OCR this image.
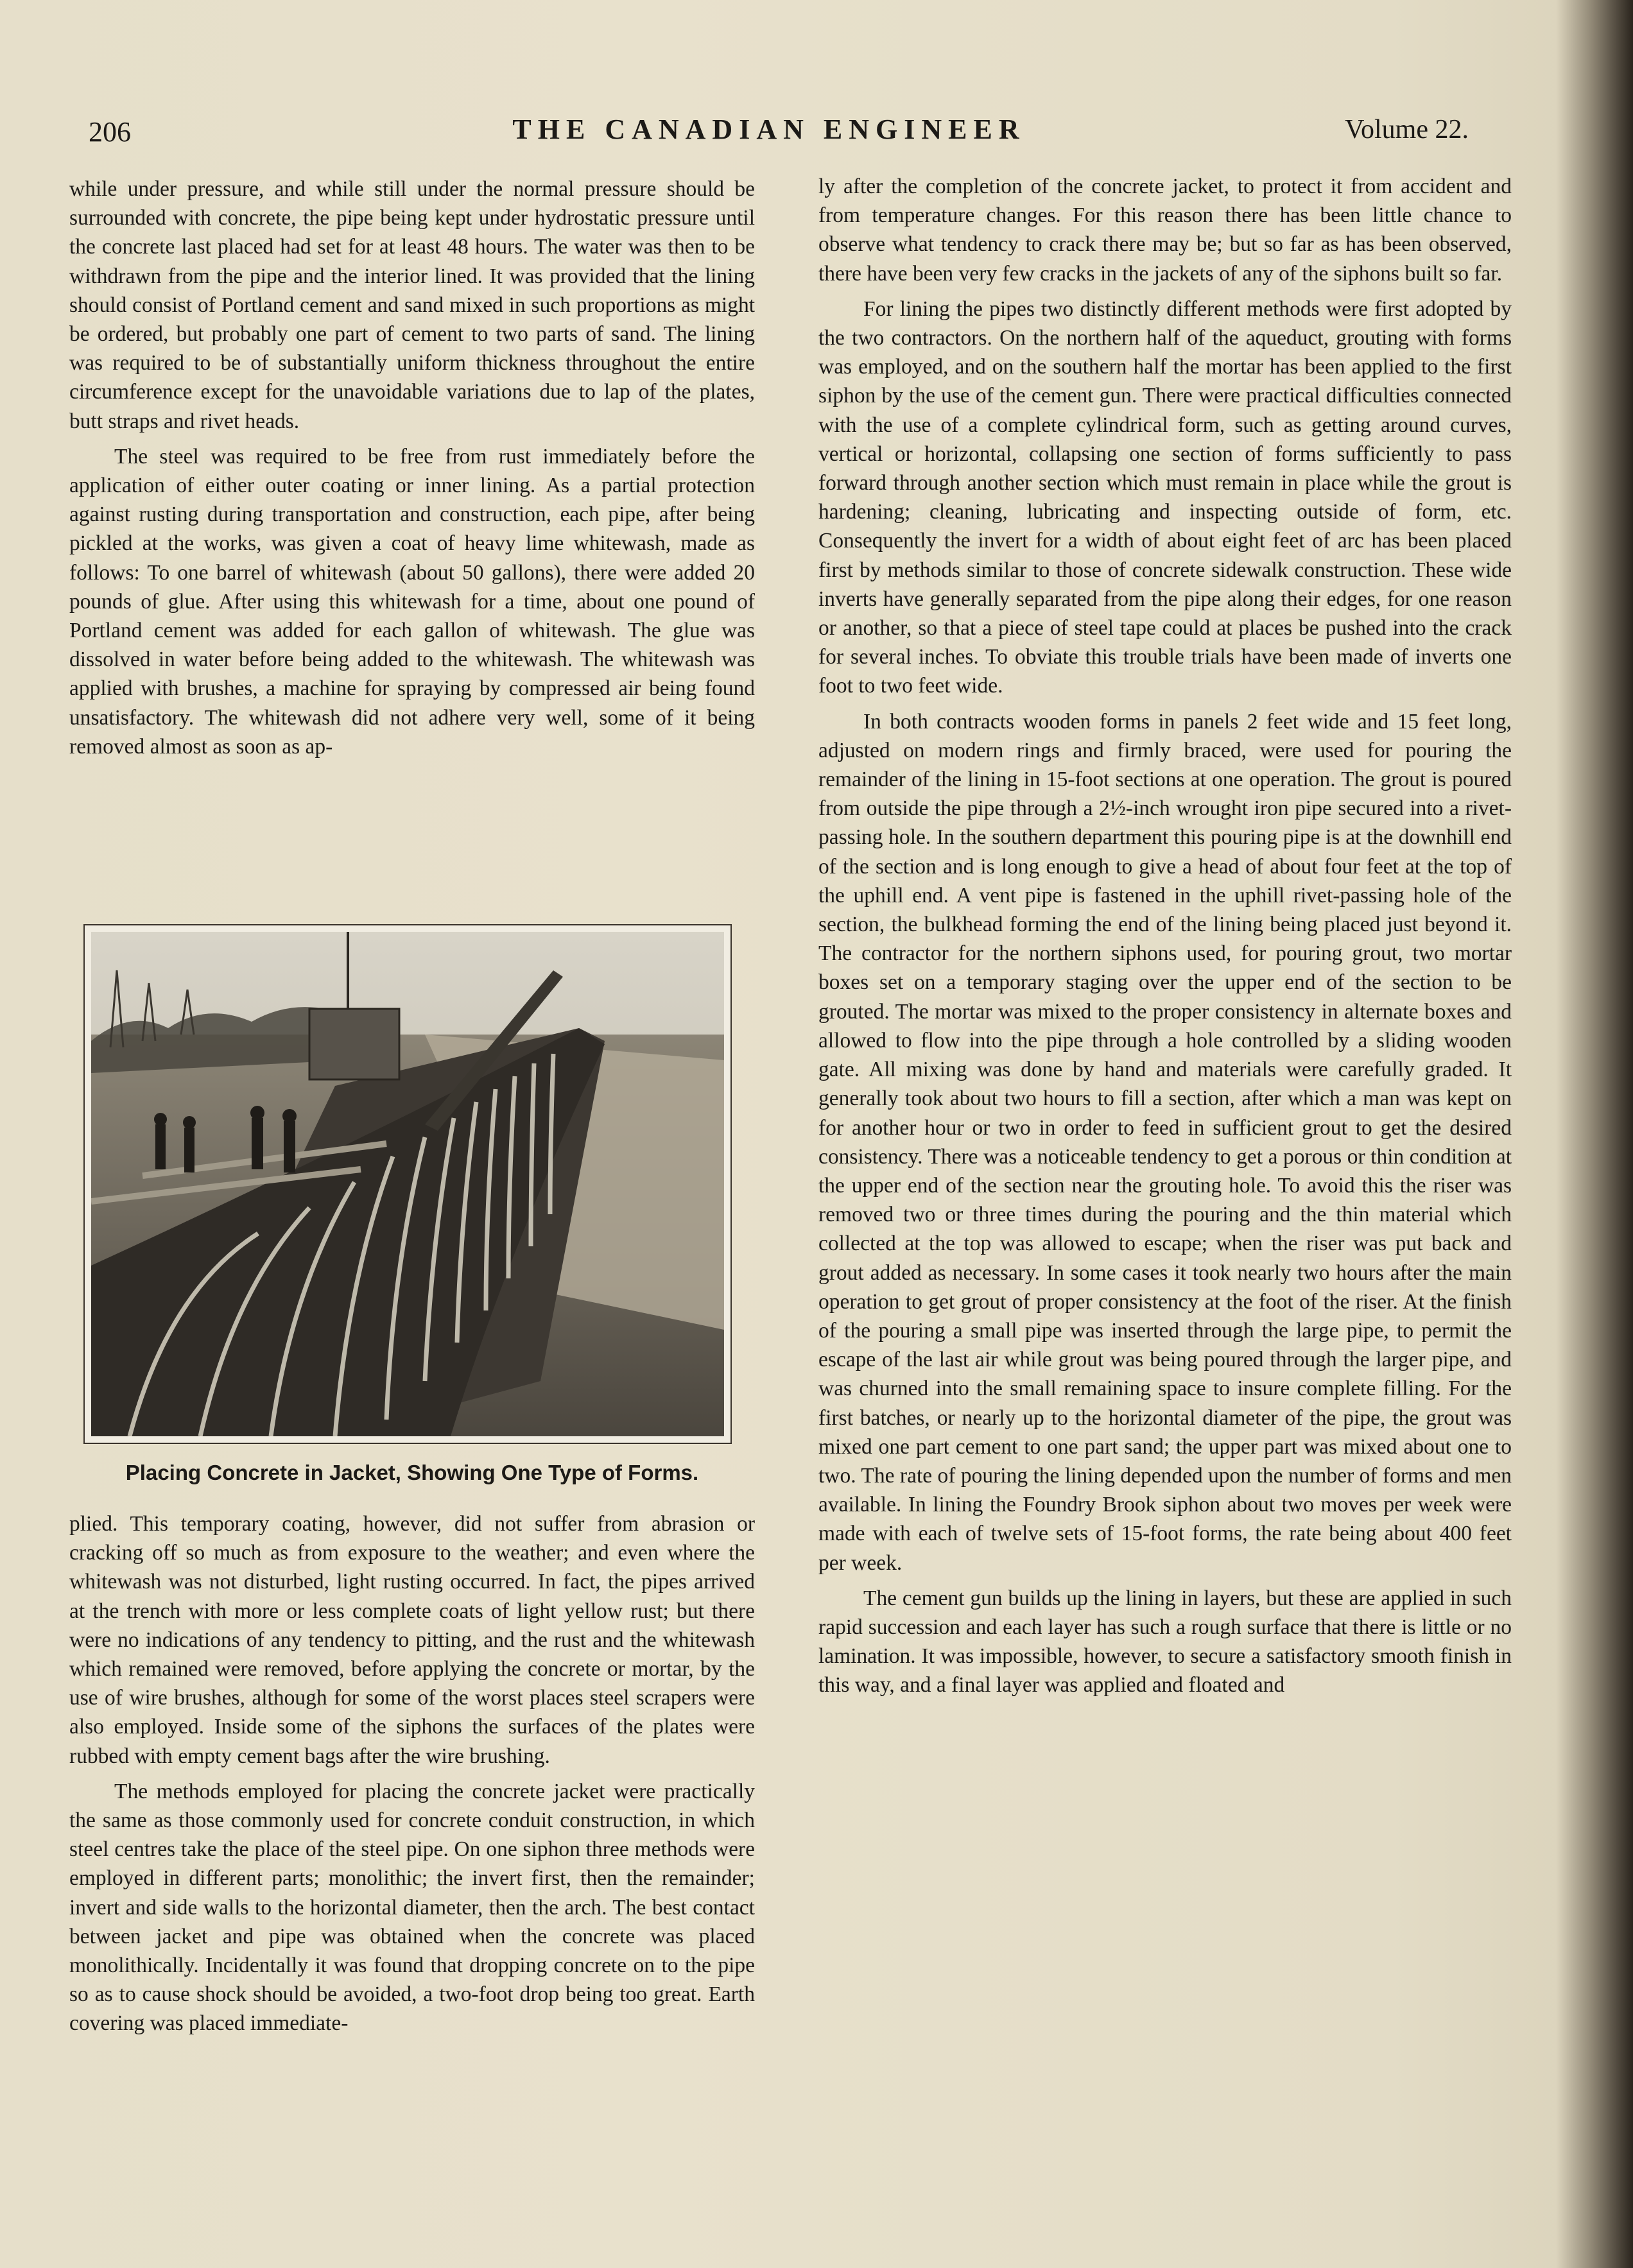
206	THE CANADIAN ENGINEER	Volume 22.

while under pressure, and while still under the normal pressure should be surrounded with concrete, the pipe being kept under hydrostatic pressure until the concrete last placed had set for at least 48 hours. The water was then to be withdrawn from the pipe and the interior lined. It was provided that the lining should consist of Portland cement and sand mixed in such proportions as might be ordered, but probably one part of cement to two parts of sand. The lining was required to be of substantially uniform thickness throughout the entire circumference except for the unavoidable variations due to lap of the plates, butt straps and rivet heads.

The steel was required to be free from rust immediately before the application of either outer coating or inner lining. As a partial protection against rusting during transportation and construction, each pipe, after being pickled at the works, was given a coat of heavy lime whitewash, made as follows: To one barrel of whitewash (about 50 gallons), there were added 20 pounds of glue. After using this whitewash for a time, about one pound of Portland cement was added for each gallon of whitewash. The glue was dissolved in water before being added to the whitewash. The whitewash was applied with brushes, a machine for spraying by compressed air being found unsatisfactory. The whitewash did not adhere very well, some of it being removed almost as soon as ap-

Placing Concrete in Jacket, Showing One Type of Forms.

plied. This temporary coating, however, did not suffer from abrasion or cracking off so much as from exposure to the weather; and even where the whitewash was not disturbed, light rusting occurred. In fact, the pipes arrived at the trench with more or less complete coats of light yellow rust; but there were no indications of any tendency to pitting, and the rust and the whitewash which remained were removed, before applying the concrete or mortar, by the use of wire brushes, although for some of the worst places steel scrapers were also employed. Inside some of the siphons the surfaces of the plates were rubbed with empty cement bags after the wire brushing.

The methods employed for placing the concrete jacket were practically the same as those commonly used for concrete conduit construction, in which steel centres take the place of the steel pipe. On one siphon three methods were employed in different parts; monolithic; the invert first, then the remainder; invert and side walls to the horizontal diameter, then the arch. The best contact between jacket and pipe was obtained when the concrete was placed monolithically. Incidentally it was found that dropping concrete on to the pipe so as to cause shock should be avoided, a two-foot drop being too great. Earth covering was placed immediate-

ly after the completion of the concrete jacket, to protect it from accident and from temperature changes. For this reason there has been little chance to observe what tendency to crack there may be; but so far as has been observed, there have been very few cracks in the jackets of any of the siphons built so far.

For lining the pipes two distinctly different methods were first adopted by the two contractors. On the northern half of the aqueduct, grouting with forms was employed, and on the southern half the mortar has been applied to the first siphon by the use of the cement gun. There were practical difficulties connected with the use of a complete cylindrical form, such as getting around curves, vertical or horizontal, collapsing one section of forms sufficiently to pass forward through another section which must remain in place while the grout is hardening; cleaning, lubricating and inspecting outside of form, etc. Consequently the invert for a width of about eight feet of arc has been placed first by methods similar to those of concrete sidewalk construction. These wide inverts have generally separated from the pipe along their edges, for one reason or another, so that a piece of steel tape could at places be pushed into the crack for several inches. To obviate this trouble trials have been made of inverts one foot to two feet wide.

In both contracts wooden forms in panels 2 feet wide and 15 feet long, adjusted on modern rings and firmly braced, were used for pouring the remainder of the lining in 15-foot sections at one operation. The grout is poured from outside the pipe through a 2½-inch wrought iron pipe secured into a rivet-passing hole. In the southern department this pouring pipe is at the downhill end of the section and is long enough to give a head of about four feet at the top of the uphill end. A vent pipe is fastened in the uphill rivet-passing hole of the section, the bulkhead forming the end of the lining being placed just beyond it. The contractor for the northern siphons used, for pouring grout, two mortar boxes set on a temporary staging over the upper end of the section to be grouted. The mortar was mixed to the proper consistency in alternate boxes and allowed to flow into the pipe through a hole controlled by a sliding wooden gate. All mixing was done by hand and materials were carefully graded. It generally took about two hours to fill a section, after which a man was kept on for another hour or two in order to feed in sufficient grout to get the desired consistency. There was a noticeable tendency to get a porous or thin condition at the upper end of the section near the grouting hole. To avoid this the riser was removed two or three times during the pouring and the thin material which collected at the top was allowed to escape; when the riser was put back and grout added as necessary. In some cases it took nearly two hours after the main operation to get grout of proper consistency at the foot of the riser. At the finish of the pouring a small pipe was inserted through the large pipe, to permit the escape of the last air while grout was being poured through the larger pipe, and was churned into the small remaining space to insure complete filling. For the first batches, or nearly up to the horizontal diameter of the pipe, the grout was mixed one part cement to one part sand; the upper part was mixed about one to two. The rate of pouring the lining depended upon the number of forms and men available. In lining the Foundry Brook siphon about two moves per week were made with each of twelve sets of 15-foot forms, the rate being about 400 feet per week.

The cement gun builds up the lining in layers, but these are applied in such rapid succession and each layer has such a rough surface that there is little or no lamination. It was impossible, however, to secure a satisfactory smooth finish in this way, and a final layer was applied and floated and
